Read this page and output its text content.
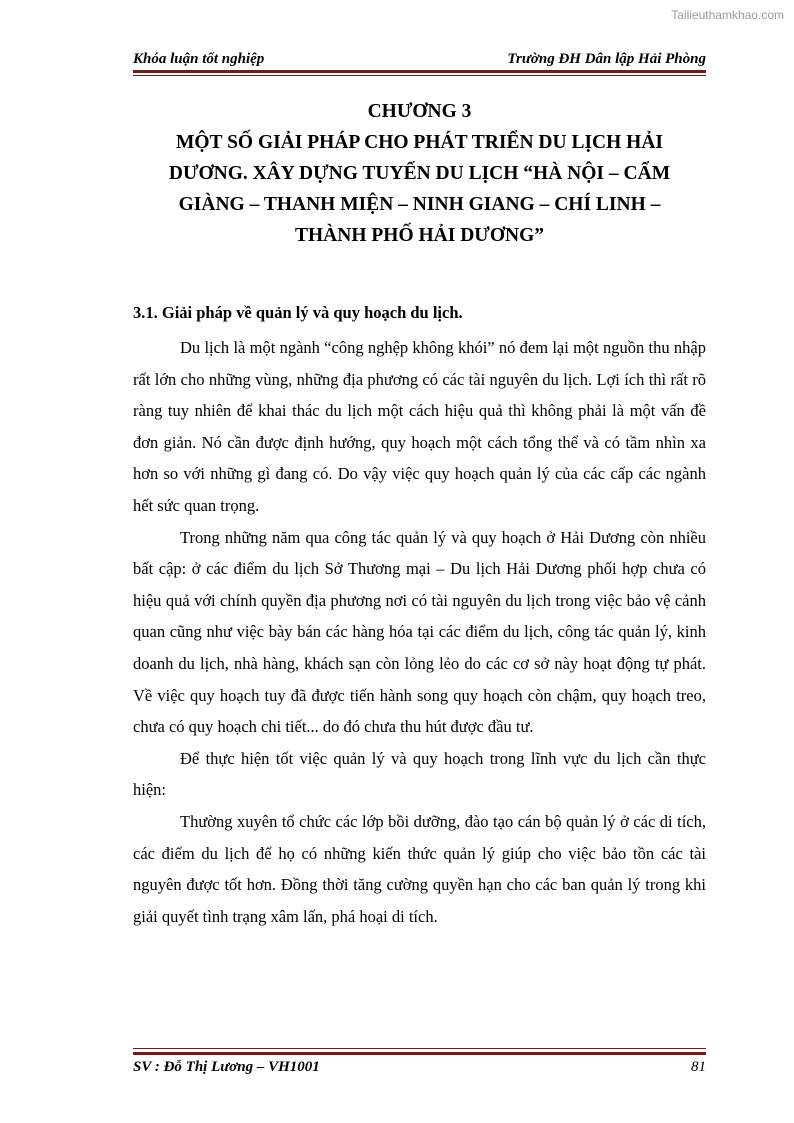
Tailieuthamkhao.com
Khóa luận tốt nghiệp	Trường ĐH Dân lập Hải Phòng
CHƯƠNG 3
MỘT SỐ GIẢI PHÁP CHO PHÁT TRIỂN DU LỊCH HẢI
DƯƠNG. XÂY DỰNG TUYẾN DU LỊCH “HÀ NỘI – CẨM
GIÀNG – THANH MIỆN – NINH GIANG – CHÍ LINH –
THÀNH PHỐ HẢI DƯƠNG”
3.1. Giải pháp về quản lý và quy hoạch du lịch.

Du lịch là một ngành “công nghệp không khói” nó đem lại một nguồn thu nhập rất lớn cho những vùng, những địa phương có các tài nguyên du lịch. Lợi ích thì rất rõ ràng tuy nhiên để khai thác du lịch một cách hiệu quả thì không phải là một vấn đề đơn giản. Nó cần được định hướng, quy hoạch một cách tổng thể và có tầm nhìn xa hơn so với những gì đang có. Do vậy việc quy hoạch quản lý của các cấp các ngành hết sức quan trọng.

Trong những năm qua công tác quản lý và quy hoạch ở Hải Dương còn nhiều bất cập: ở các điểm du lịch Sở Thương mại – Du lịch Hải Dương phối hợp chưa có hiệu quả với chính quyền địa phương nơi có tài nguyên du lịch trong việc bảo vệ cảnh quan cũng như việc bày bán các hàng hóa tại các điểm du lịch, công tác quản lý, kinh doanh du lịch, nhà hàng, khách sạn còn lỏng lẻo do các cơ sở này hoạt động tự phát. Về việc quy hoạch tuy đã được tiến hành song quy hoạch còn chậm, quy hoạch treo, chưa có quy hoạch chi tiết... do đó chưa thu hút được đầu tư.

Để thực hiện tốt việc quản lý và quy hoạch trong lĩnh vực du lịch cần thực hiện:

Thường xuyên tổ chức các lớp bồi dưỡng, đào tạo cán bộ quản lý ở các di tích, các điểm du lịch để họ có những kiến thức quản lý giúp cho việc bảo tồn các tài nguyên được tốt hơn. Đồng thời tăng cường quyền hạn cho các ban quản lý trong khi giải quyết tình trạng xâm lấn, phá hoại di tích.

SV : Đỗ Thị Lương – VH1001	81
